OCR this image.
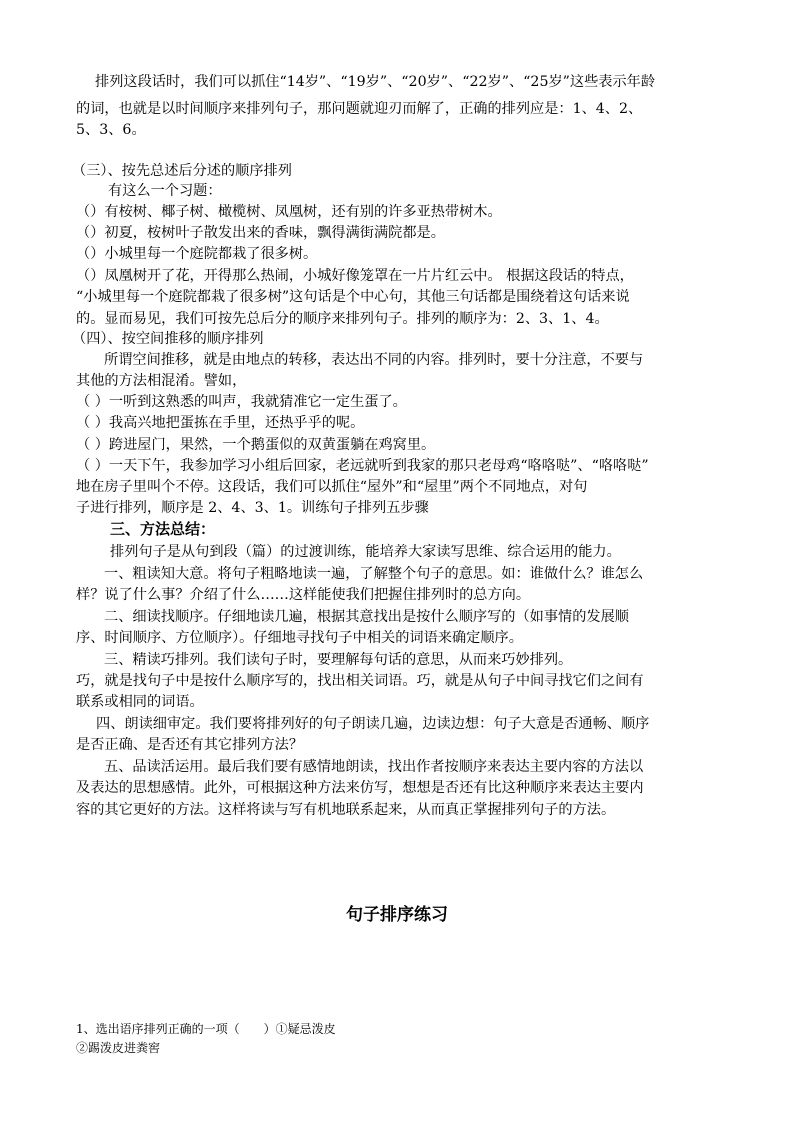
排列这段话时，我们可以抓住“14岁”、“19岁”、“20岁”、“22岁”、“25岁”这些表示年龄
的词，也就是以时间顺序来排列句子，那问题就迎刃而解了，正确的排列应是：1、4、2、
5、3、6。
（三）、按先总述后分述的顺序排列
有这么一个习题：
（）有桉树、椰子树、橄榄树、凤凰树，还有别的许多亚热带树木。
（）初夏，桉树叶子散发出来的香味，飘得满街满院都是。
（）小城里每一个庭院都栽了很多树。
（）凤凰树开了花，开得那么热闹，小城好像笼罩在一片片红云中。 根据这段话的特点，
“小城里每一个庭院都栽了很多树”这句话是个中心句，其他三句话都是围绕着这句话来说
的。显而易见，我们可按先总后分的顺序来排列句子。排列的顺序为：2、3、1、4。
（四）、按空间推移的顺序排列
所谓空间推移，就是由地点的转移，表达出不同的内容。排列时，要十分注意，不要与
其他的方法相混淆。譬如，
（ ）一听到这熟悉的叫声，我就猜准它一定生蛋了。
（ ）我高兴地把蛋拣在手里，还热乎乎的呢。
（ ）跨进屋门，果然，一个鹅蛋似的双黄蛋躺在鸡窝里。
（ ）一天下午，我参加学习小组后回家，老远就听到我家的那只老母鸡“咯咯哒”、“咯咯哒”
地在房子里叫个不停。这段话，我们可以抓住“屋外”和“屋里”两个不同地点，对句
子进行排列，顺序是 2、4、3、1。训练句子排列五步骤
三、方法总结：
排列句子是从句到段（篇）的过渡训练，能培养大家读写思维、综合运用的能力。
一、粗读知大意。将句子粗略地读一遍，了解整个句子的意思。如：谁做什么？谁怎么
样？说了什么事？介绍了什么……这样能使我们把握住排列时的总方向。
二、细读找顺序。仔细地读几遍，根据其意找出是按什么顺序写的（如事情的发展顺
序、时间顺序、方位顺序）。仔细地寻找句子中相关的词语来确定顺序。
三、精读巧排列。我们读句子时，要理解每句话的意思，从而来巧妙排列。
巧，就是找句子中是按什么顺序写的，找出相关词语。巧，就是从句子中间寻找它们之间有
联系或相同的词语。
四、朗读细审定。我们要将排列好的句子朗读几遍，边读边想：句子大意是否通畅、顺序
是否正确、是否还有其它排列方法？
五、品读活运用。最后我们要有感情地朗读，找出作者按顺序来表达主要内容的方法以
及表达的思想感情。此外，可根据这种方法来仿写，想想是否还有比这种顺序来表达主要内
容的其它更好的方法。这样将读与写有机地联系起来，从而真正掌握排列句子的方法。
句子排序练习
1、选出语序排列正确的一项（　　）①疑忌泼皮
②踢泼皮进粪窖
